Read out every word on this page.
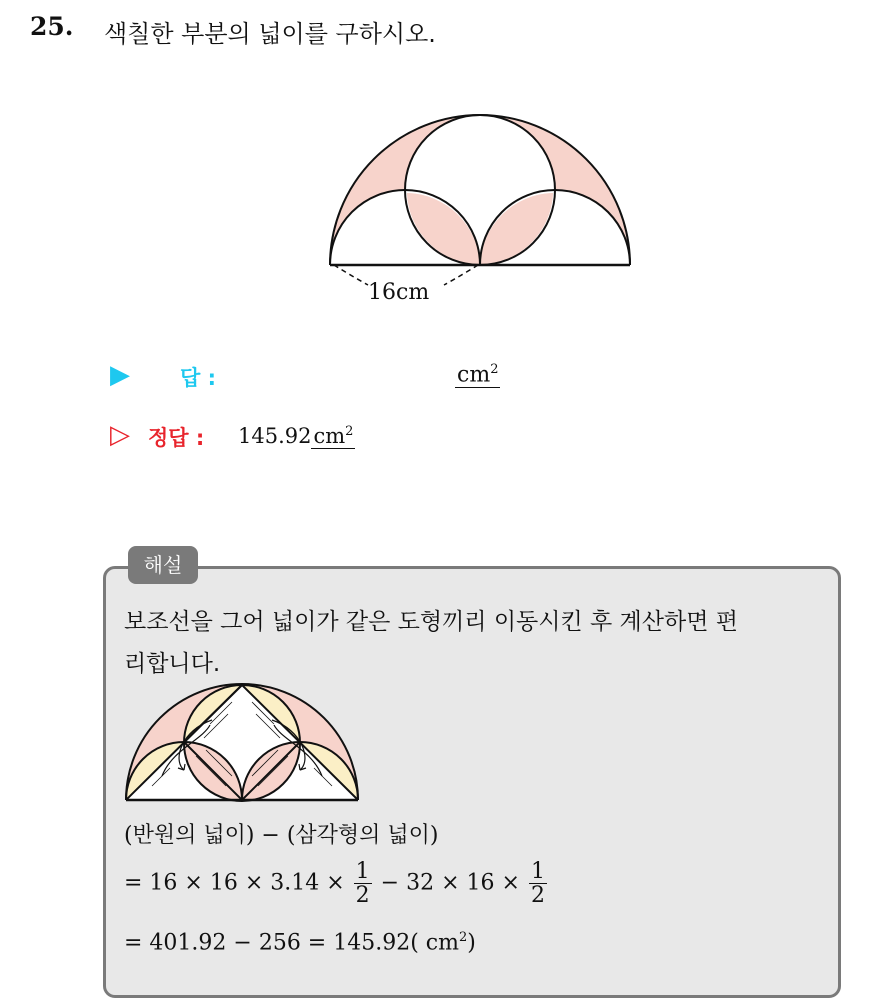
25. 색칠한 부분의 넓이를 구하시오.
16cm
▶ 답 :	$cm^2$
▷ 정답 : $145.92cm^2$
해설
보조선을 그어 넓이가 같은 도형끼리 이동시킨 후 계산하면 편
리합니다.
(반원의 넓이) − (삼각형의 넓이)
= $16 \times 16 \times 3.14 \times \frac{1}{2} - 32 \times 16 \times \frac{1}{2}$
= 401.92 − 256 = 145.92( $cm^2$)
